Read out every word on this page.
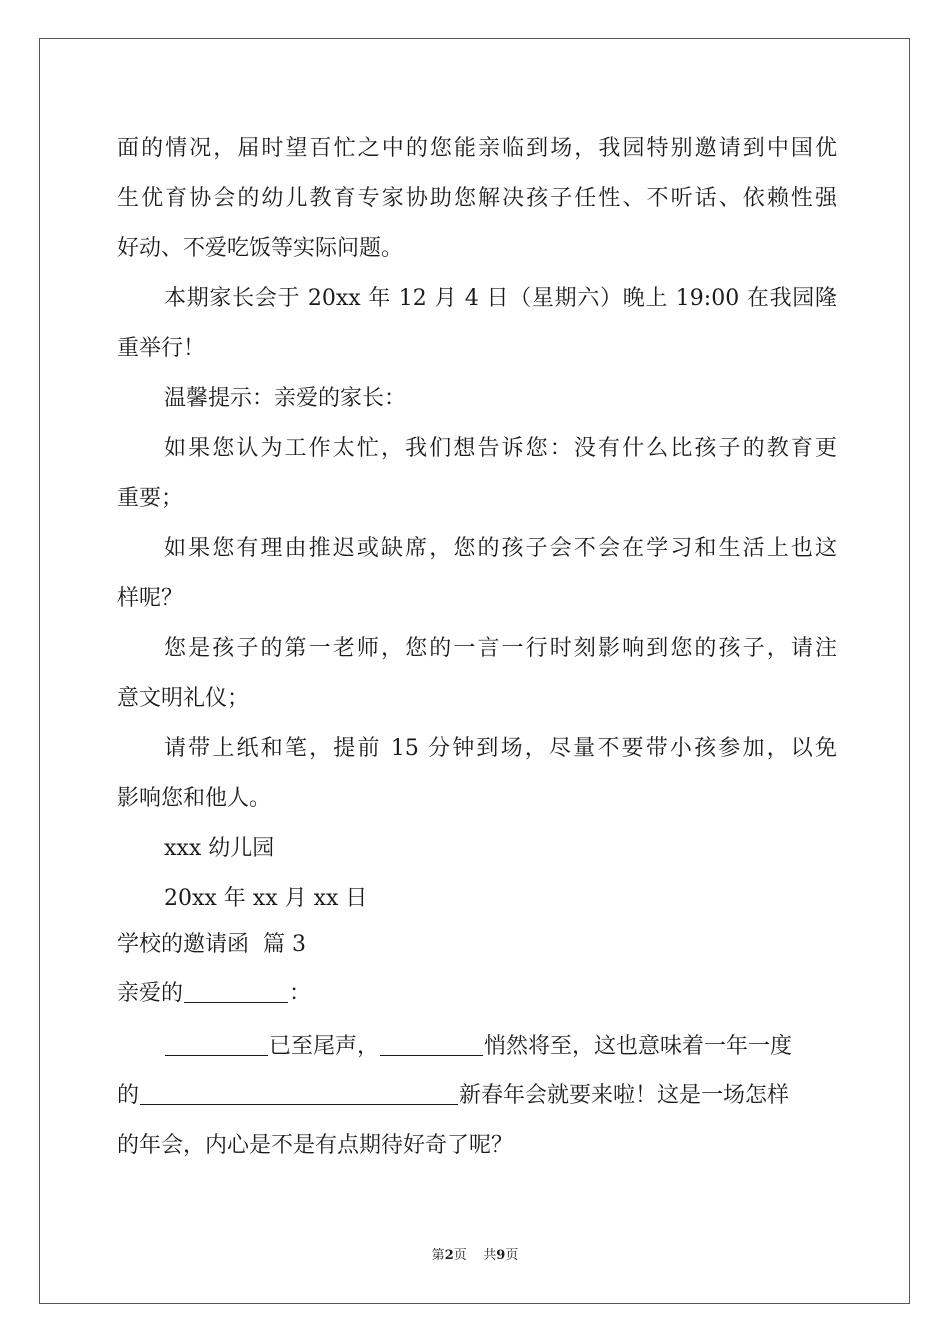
面的情况，届时望百忙之中的您能亲临到场，我园特别邀请到中国优
生优育协会的幼儿教育专家协助您解决孩子任性、不听话、依赖性强
好动、不爱吃饭等实际问题。
本期家长会于 20xx 年 12 月 4 日（星期六）晚上 19:00 在我园隆
重举行！
温馨提示：亲爱的家长：
如果您认为工作太忙，我们想告诉您：没有什么比孩子的教育更
重要；
如果您有理由推迟或缺席，您的孩子会不会在学习和生活上也这
样呢？
您是孩子的第一老师，您的一言一行时刻影响到您的孩子，请注
意文明礼仪；
请带上纸和笔，提前 15 分钟到场，尽量不要带小孩参加，以免
影响您和他人。
xxx 幼儿园
20xx 年 xx 月 xx 日
学校的邀请函  篇 3
亲爱的	：
已至尾声，	悄然将至，这也意味着一年一度
的	新春年会就要来啦！这是一场怎样
的年会，内心是不是有点期待好奇了呢？
第2页    共9页
